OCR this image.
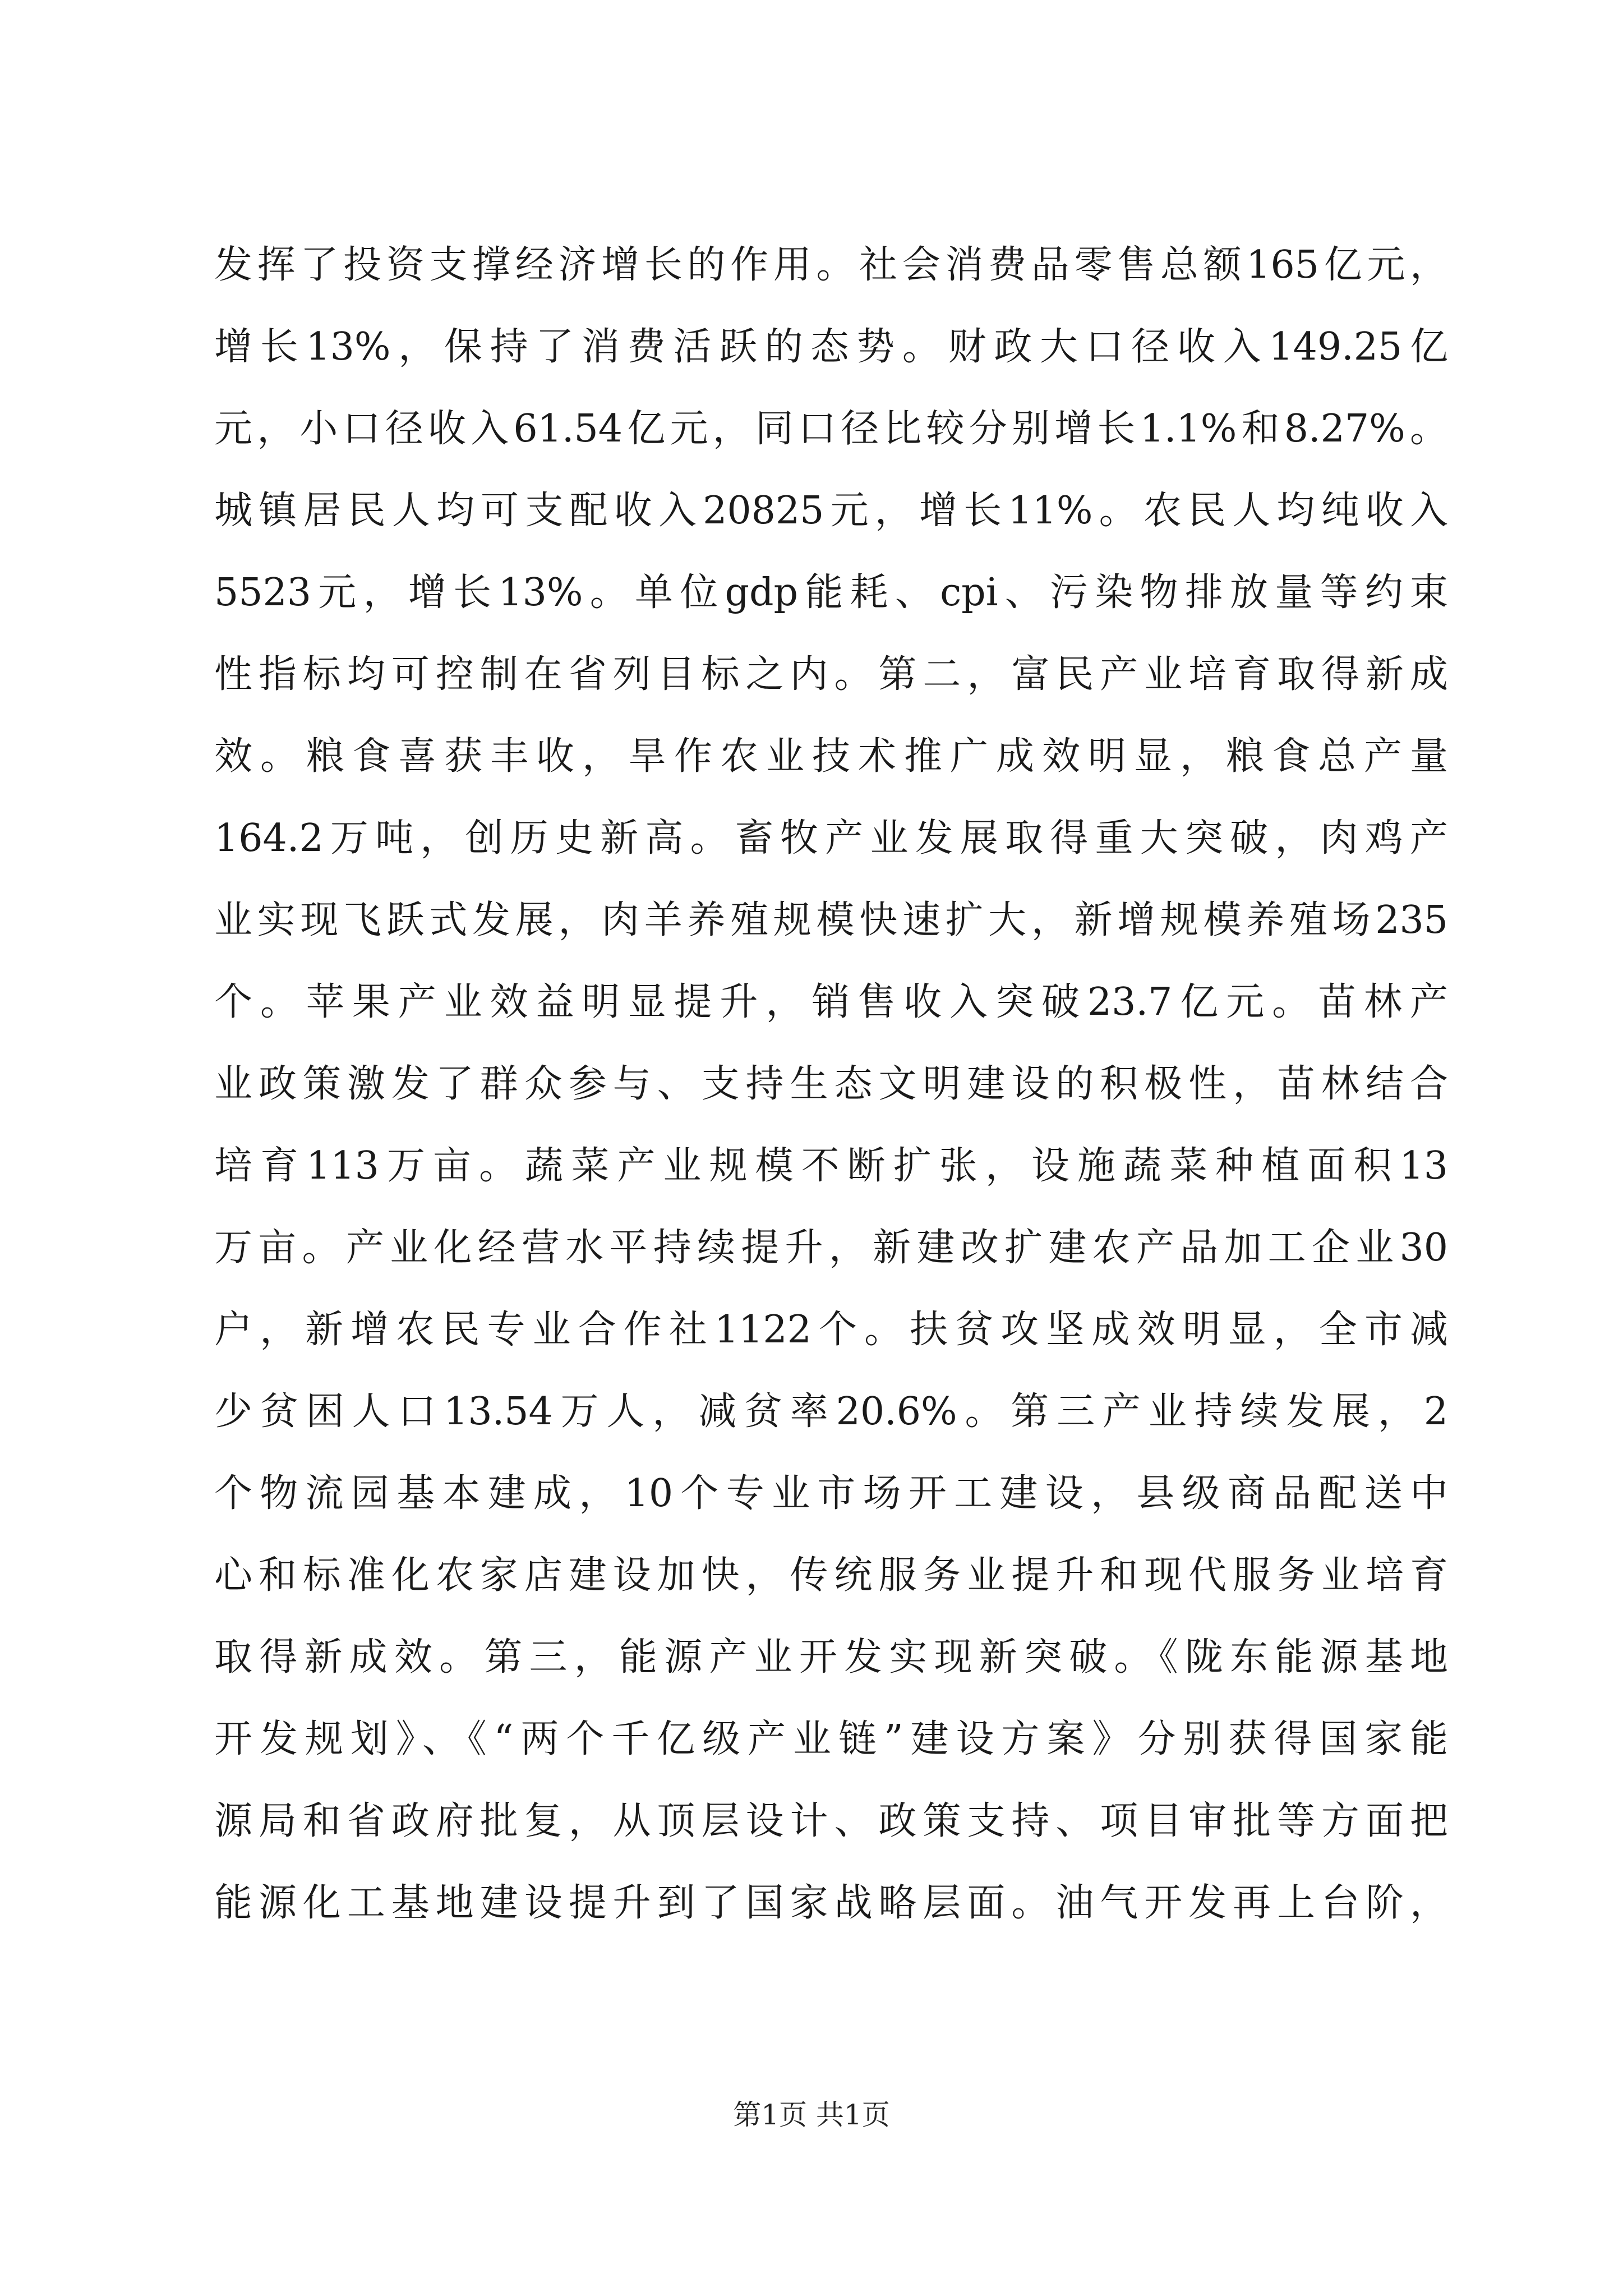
发挥了投资支撑经济增长的作用。社会消费品零售总额165亿元，
增长13%，保持了消费活跃的态势。财政大口径收入149.25亿
元，小口径收入61.54亿元，同口径比较分别增长1.1%和8.27%。
城镇居民人均可支配收入20825元，增长11%。农民人均纯收入
5523元，增长13%。单位gdp能耗、cpi、污染物排放量等约束
性指标均可控制在省列目标之内。第二，富民产业培育取得新成
效。粮食喜获丰收，旱作农业技术推广成效明显，粮食总产量
164.2万吨，创历史新高。畜牧产业发展取得重大突破，肉鸡产
业实现飞跃式发展，肉羊养殖规模快速扩大，新增规模养殖场235
个。苹果产业效益明显提升，销售收入突破23.7亿元。苗林产
业政策激发了群众参与、支持生态文明建设的积极性，苗林结合
培育113万亩。蔬菜产业规模不断扩张，设施蔬菜种植面积13
万亩。产业化经营水平持续提升，新建改扩建农产品加工企业30
户，新增农民专业合作社1122个。扶贫攻坚成效明显，全市减
少贫困人口13.54万人，减贫率20.6%。第三产业持续发展，2
个物流园基本建成，10个专业市场开工建设，县级商品配送中
心和标准化农家店建设加快，传统服务业提升和现代服务业培育
取得新成效。第三，能源产业开发实现新突破。《陇东能源基地
开发规划》、《“两个千亿级产业链”建设方案》分别获得国家能
源局和省政府批复，从顶层设计、政策支持、项目审批等方面把
能源化工基地建设提升到了国家战略层面。油气开发再上台阶，
第1页 共1页
